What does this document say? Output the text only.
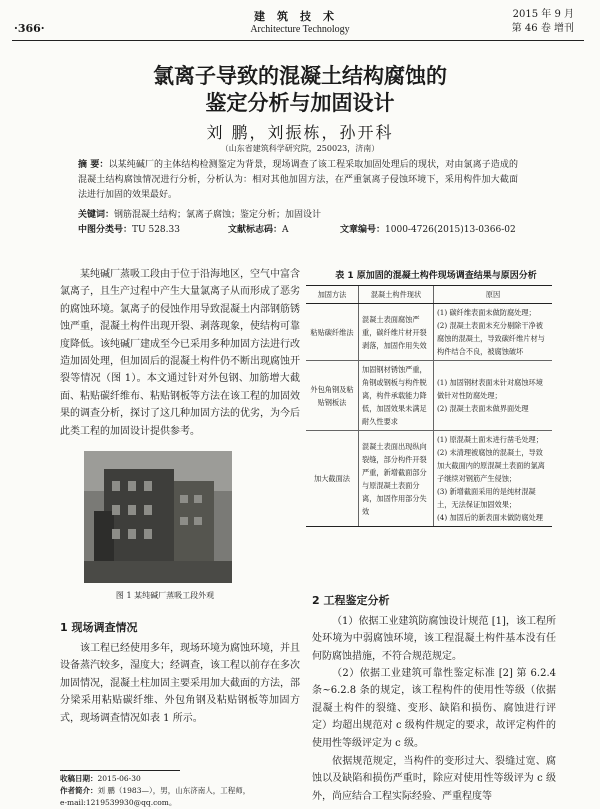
·366·
建筑技术
Architecture Technology
2015 年 9 月
第 46 卷 增刊
氯离子导致的混凝土结构腐蚀的
鉴定分析与加固设计
刘 鹏，刘振栋，孙开科
（山东省建筑科学研究院，250023，济南）
摘 要：以某纯碱厂的主体结构检测鉴定为背景，现场调查了该工程采取加固处理后的现状，对由氯离子造成的混凝土结构腐蚀情况进行分析，分析认为：相对其他加固方法，在严重氯离子侵蚀环境下，采用构件加大截面法进行加固的效果最好。
关键词：钢筋混凝土结构；氯离子腐蚀；鉴定分析；加固设计
中图分类号：TU 528.33	文献标志码：A	文章编号：1000-4726(2015)13-0366-02
某纯碱厂蒸吸工段由于位于沿海地区，空气中富含氯离子，且生产过程中产生大量氯离子从而形成了恶劣的腐蚀环境。氯离子的侵蚀作用导致混凝土内部钢筋锈蚀严重，混凝土构件出现开裂、剥落现象，使结构可靠度降低。该纯碱厂建成至今已采用多种加固方法进行改造加固处理，但加固后的混凝土构件仍不断出现腐蚀开裂等情况（图 1）。本文通过针对外包钢、加筋增大截面、粘贴碳纤维布、粘贴钢板等方法在该工程的加固效果的调查分析，探讨了这几种加固方法的优劣，为今后此类工程的加固设计提供参考。
图 1 某纯碱厂蒸吸工段外观
1 现场调查情况
该工程已经使用多年，现场环境为腐蚀环境，并且设备蒸汽较多，湿度大；经调查，该工程以前存在多次加固情况，混凝土柱加固主要采用加大截面的方法，部分梁采用粘贴碳纤维、外包角钢及粘贴钢板等加固方式，现场调查情况如表 1 所示。
收稿日期：2015-06-30
作者简介：刘 鹏（1983—），男，山东济南人，工程师，
e-mail:1219539930@qq.com。
表 1 原加固的混凝土构件现场调查结果与原因分析
加固方法	混凝土构件现状	原因
粘贴碳纤维法	混凝土表面腐蚀严重，碳纤维片材开裂剥落，加固作用失效	(1) 碳纤维表面未做防腐处理；
(2) 混凝土表面未充分剔除干净被腐蚀的混凝土，导致碳纤维片材与构件结合不良，被腐蚀破坏

外包角钢及粘贴钢板法	加固钢材锈蚀严重，角钢或钢板与构件脱离，构件承载能力降低，加固效果未满足耐久性要求	(1) 加固钢材表面未针对腐蚀环境做针对性防腐处理；
(2) 混凝土表面未做界面处理

加大截面法	混凝土表面出现纵向裂缝，部分构件开裂严重，新增截面部分与原混凝土表面分离，加固作用部分失效	(1) 原混凝土面未进行凿毛处理；
(2) 未清理被腐蚀的混凝土，导致加大截面内的原混凝土表面的氯离子继续对钢筋产生侵蚀；
(3) 新增截面采用的是纯材混凝土，无法保证加固效果；
(4) 加固后的新表面未做防腐处理
2 工程鉴定分析
（1）依据工业建筑防腐蚀设计规范 [1]，该工程所处环境为中弱腐蚀环境，该工程混凝土构件基本没有任何防腐蚀措施，不符合规范规定。
（2）依据工业建筑可靠性鉴定标准 [2] 第 6.2.4 条~6.2.8 条的规定，该工程构件的使用性等级（依据混凝土构件的裂缝、变形、缺陷和损伤、腐蚀进行评定）均超出规范对 c 级构件规定的要求，故评定构件的使用性等级评定为 c 级。
依据规范规定，当构件的变形过大、裂缝过宽、腐蚀以及缺陷和损伤严重时，除应对使用性等级评为 c 级外，尚应结合工程实际经验、严重程度等
